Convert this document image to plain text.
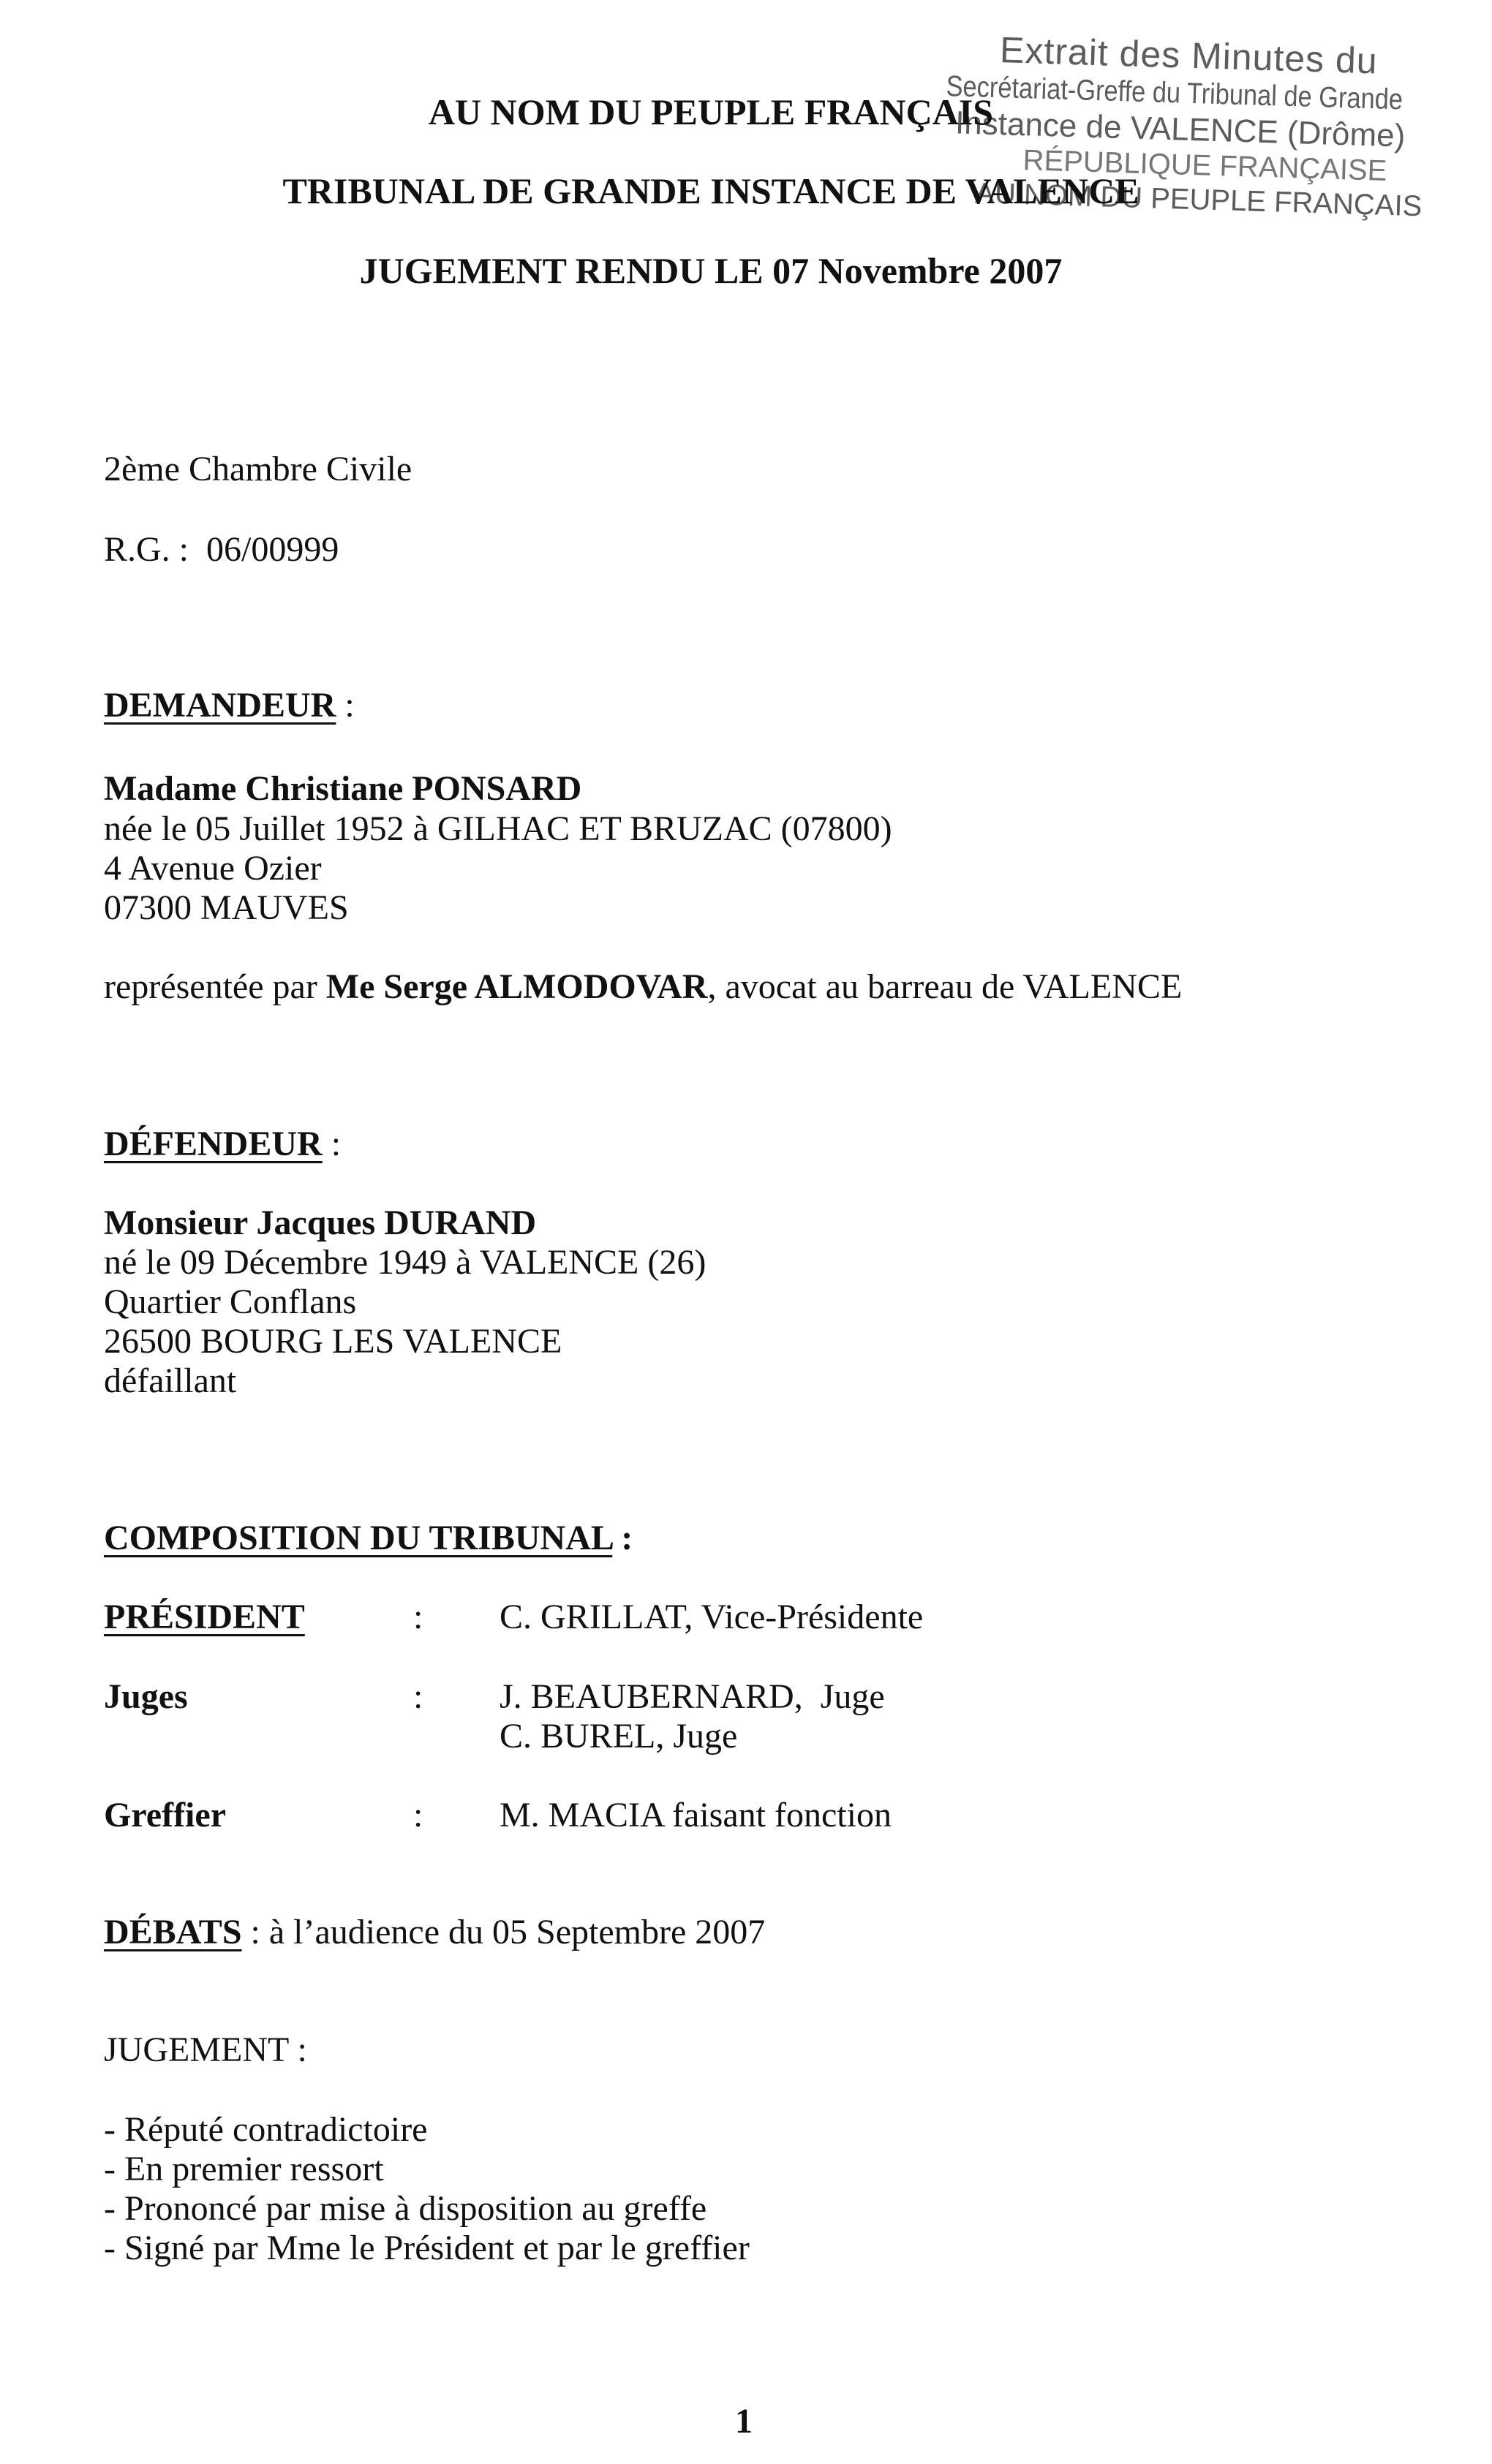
Extrait des Minutes du
Secrétariat-Greffe du Tribunal de Grande
Instance de VALENCE (Drôme)
RÉPUBLIQUE FRANÇAISE
AU NOM DU PEUPLE FRANÇAIS
AU NOM DU PEUPLE FRANÇAIS
TRIBUNAL DE GRANDE INSTANCE DE VALENCE
JUGEMENT RENDU LE 07 Novembre 2007
2ème Chambre Civile
R.G. :  06/00999
DEMANDEUR :
Madame Christiane PONSARD
née le 05 Juillet 1952 à GILHAC ET BRUZAC (07800)
4 Avenue Ozier
07300 MAUVES
représentée par Me Serge ALMODOVAR, avocat au barreau de VALENCE
DÉFENDEUR :
Monsieur Jacques DURAND
né le 09 Décembre 1949 à VALENCE (26)
Quartier Conflans
26500 BOURG LES VALENCE
défaillant
COMPOSITION DU TRIBUNAL :
PRÉSIDENT	: C. GRILLAT, Vice-Présidente
Juges	: J. BEAUBERNARD,  Juge
C. BUREL, Juge
Greffier	: M. MACIA faisant fonction
DÉBATS : à l’audience du 05 Septembre 2007
JUGEMENT :
- Réputé contradictoire
- En premier ressort
- Prononcé par mise à disposition au greffe
- Signé par Mme le Président et par le greffier
1
